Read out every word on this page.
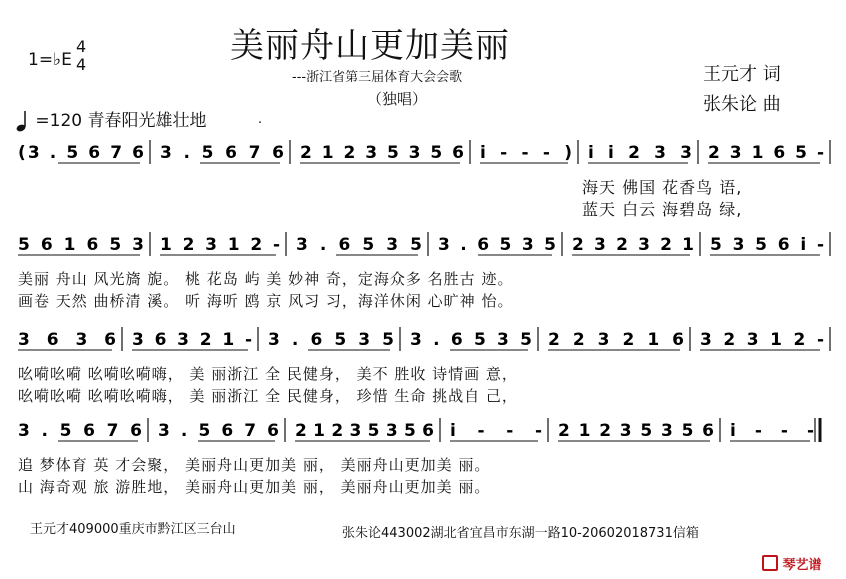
美丽舟山更加美丽
---浙江省第三届体育大会会歌
（独唱）
王元才 词
张朱论 曲
1=♭E
4
4
=120 青春阳光雄壮地	.
(3 . 5 6 7 6 3 . 5 6 7 6 2 1 2 3 5 3 5 6 i - - - ) i i 2 3 3 2 3 1 6 5 -
5 6 1 6 5 3 1 2 3 1 2 - 3 . 6 5 3 5 3 . 6 5 3 5 2 3 2 3 2 1 5 3 5 6 i -
3 6 3 6 3 6 3 2 1 - 3 . 6 5 3 5 3 . 6 5 3 5 2 2 3 2 1 6 3 2 3 1 2 -
3 . 5 6 7 6 3 . 5 6 7 6 2 1 2 3 5 3 5 6 i - - - 2 1 2 3 5 3 5 6 i - - -
海天 佛国 花香鸟 语,
蓝天 白云 海碧岛 绿,
美丽 舟山 风光旖 旎。 桃 花岛 屿 美 妙神 奇，定海众多 名胜古 迹。
画卷 天然 曲桥清 溪。 听 海听 鸥 京 风习 习，海洋休闲 心旷神 怡。
吆嗬吆嗬 吆嗬吆嗬嗨， 美 丽浙江 全 民健身， 美不 胜收 诗情画 意，
吆嗬吆嗬 吆嗬吆嗬嗨， 美 丽浙江 全 民健身， 珍惜 生命 挑战自 己，
追 梦体育 英 才会聚， 美丽舟山更加美 丽， 美丽舟山更加美 丽。
山 海奇观 旅 游胜地， 美丽舟山更加美 丽， 美丽舟山更加美 丽。
王元才409000重庆市黔江区三台山	张朱论443002湖北省宜昌市东湖一路10-20602018731信箱
琴艺谱
